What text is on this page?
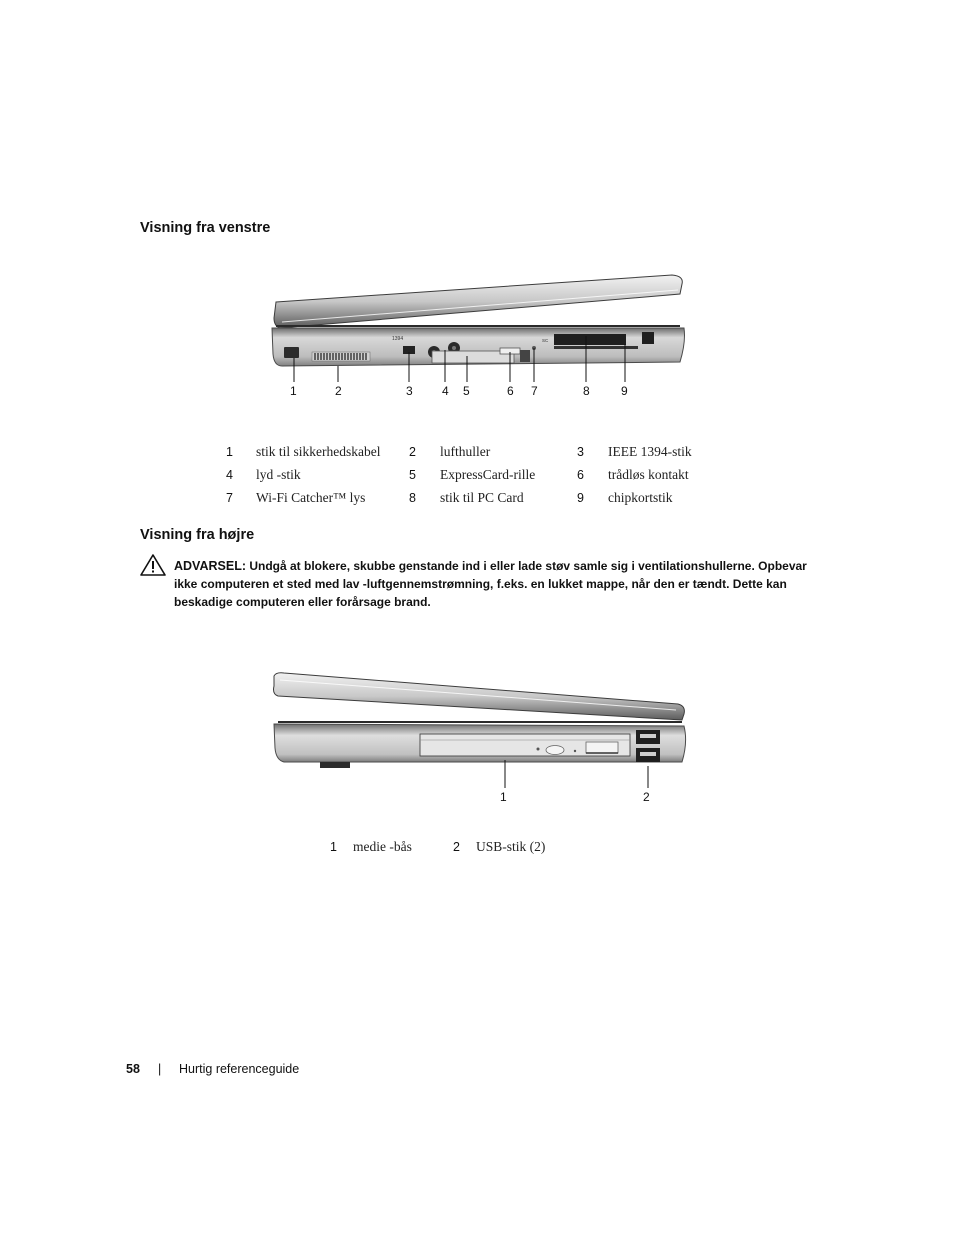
Visning fra venstre
1394	SC
1	2	3 4 5	6 7	8	9
1 stik til sikkerhedskabel 2 lufthuller	3 IEEE 1394-stik
4 lyd -stik	5 ExpressCard-rille	6 trådløs kontakt
7 Wi-Fi Catcher™ lys	8 stik til PC Card	9 chipkortstik
Visning fra højre
ADVARSEL: Undgå at blokere, skubbe genstande ind i eller lade støv samle sig i ventilationshullerne. Opbevar ikke computeren et sted med lav -luftgennemstrømning, f.eks. en lukket mappe, når den er tændt. Dette kan beskadige computeren eller forårsage brand.
1	2
1 medie -bås	2 USB-stik (2)
58 | Hurtig referenceguide
